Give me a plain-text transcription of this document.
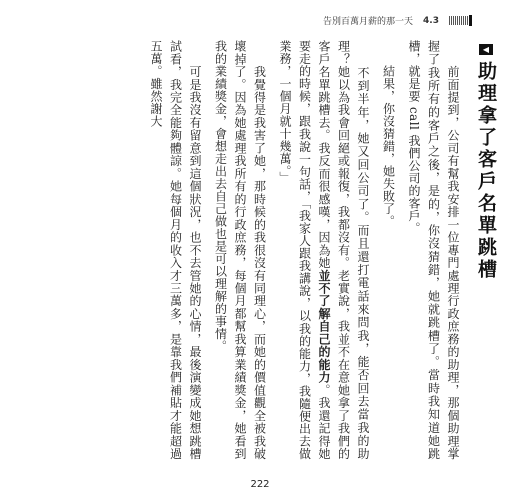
告別百萬月薪的那一天 4.3
◀助理拿了客戶名單跳槽
　　前面提到，公司有幫我安排一位專門處理行政庶務的助理，那個助理掌握了我所有的客戶之後，是的，你沒猜錯，她就跳槽了。當時我知道她跳槽，就是要 call 我們公司的客戶。
　　結果，你沒猜錯，她失敗了。
　　不到半年，她又回公司了。而且還打電話來問我，能否回去當我的助理？她以為我會回絕或報復，我都沒有。老實說，我並不在意她拿了我們的客戶名單跳槽去。我反而很感嘆，因為她並不了解自己的能力。我還記得她要走的時候，跟我說一句話，「我家人跟我講說，以我的能力，我隨便出去做業務，一個月就十幾萬。」
　　我覺得是我害了她，那時候的我很沒有同理心，而她的價值觀全被我破壞掉了。因為她處理我所有的行政庶務，每個月都幫我算業績獎金，她看到我的業績獎金，會想走出去自己做也是可以理解的事情。
　　可是我沒有留意到這個狀況，也不去管她的心情，最後演變成她想跳槽試看，我完全能夠體諒。她每個月的收入才三萬多，是靠我們補貼才能超過五萬。雖然謝大
222
